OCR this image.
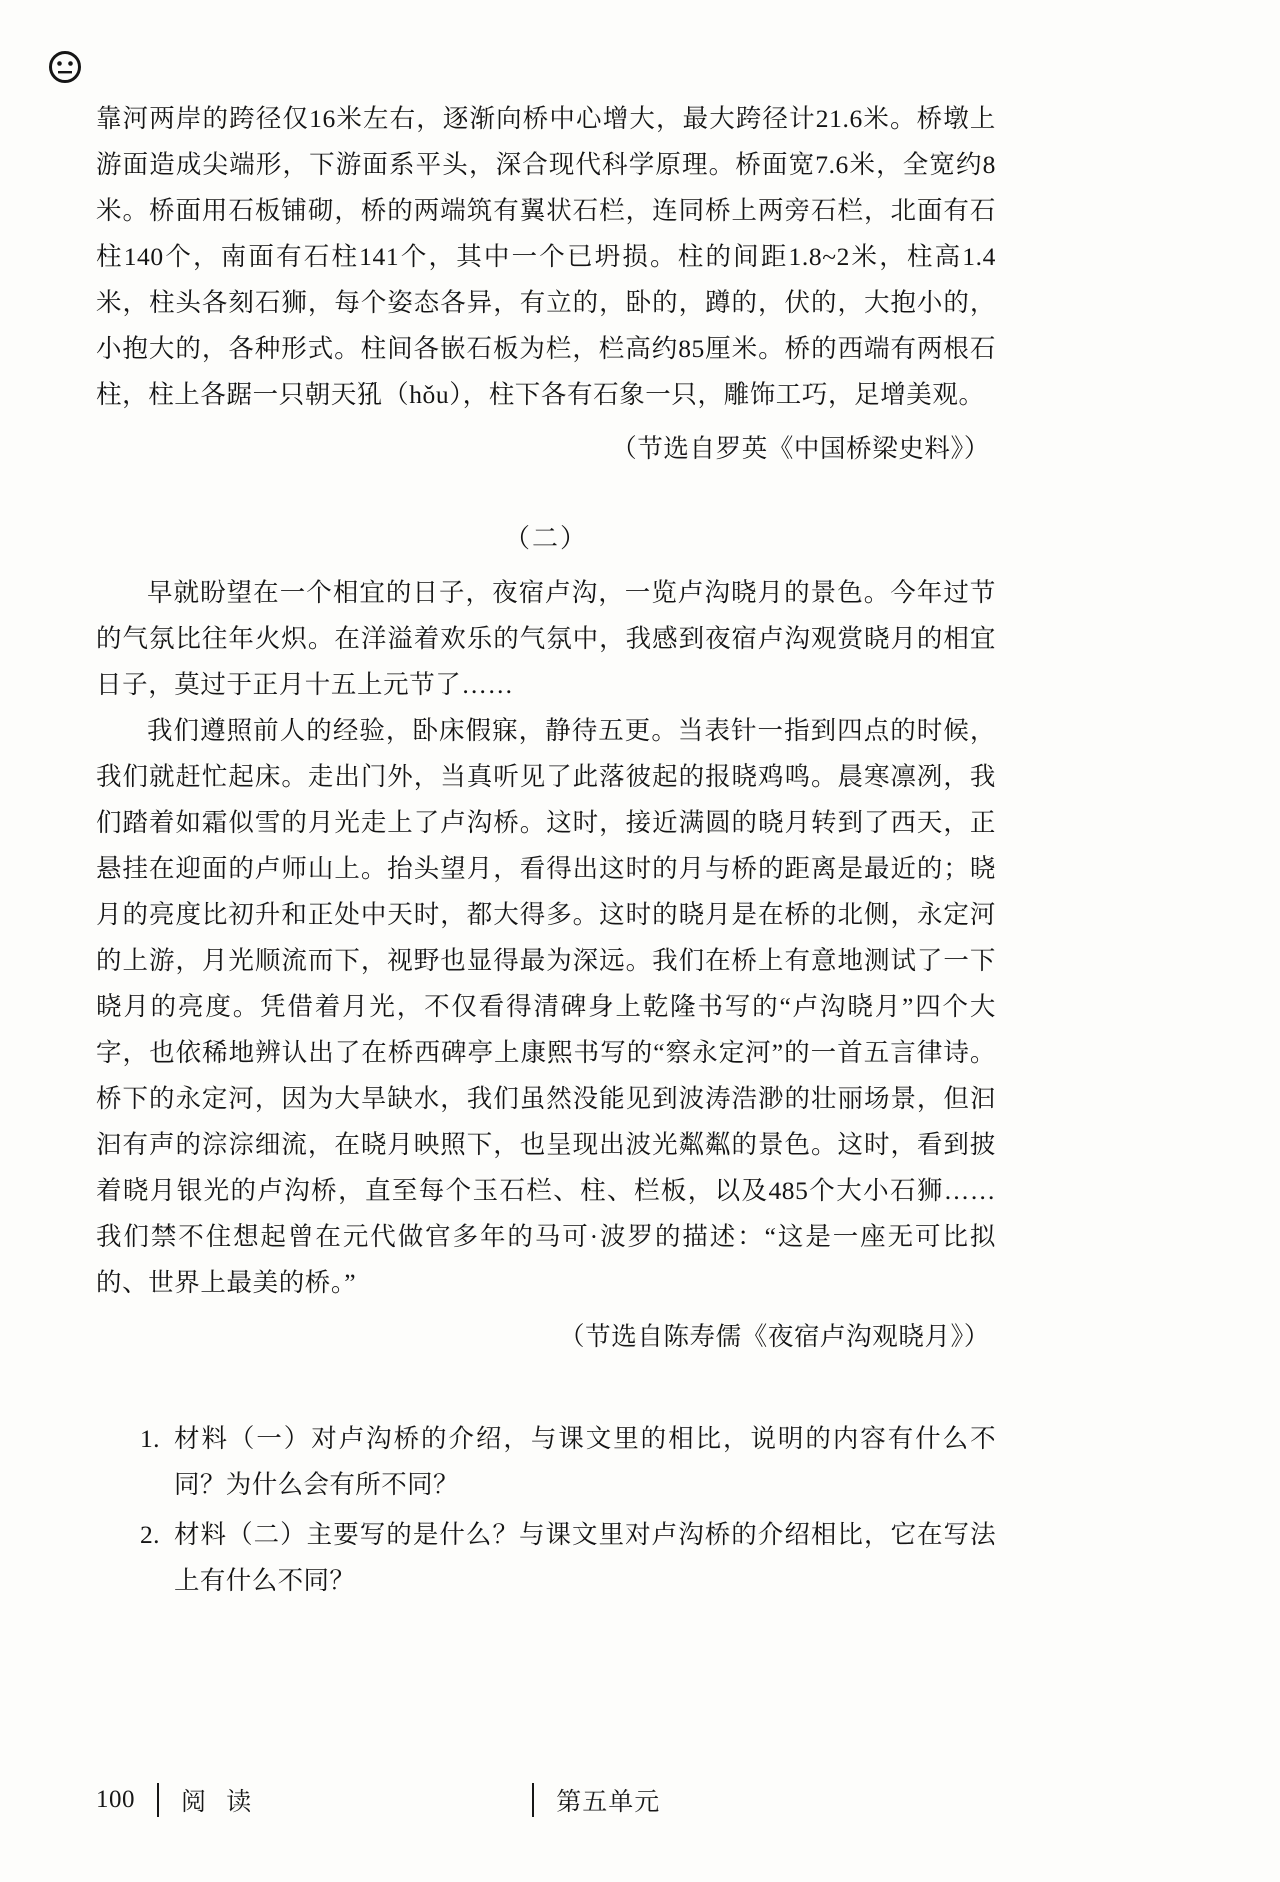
靠河两岸的跨径仅16米左右，逐渐向桥中心增大，最大跨径计21.6米。桥墩上游面造成尖端形，下游面系平头，深合现代科学原理。桥面宽7.6米，全宽约8米。桥面用石板铺砌，桥的两端筑有翼状石栏，连同桥上两旁石栏，北面有石柱140个，南面有石柱141个，其中一个已坍损。柱的间距1.8~2米，柱高1.4米，柱头各刻石狮，每个姿态各异，有立的，卧的，蹲的，伏的，大抱小的，小抱大的，各种形式。柱间各嵌石板为栏，栏高约85厘米。桥的西端有两根石柱，柱上各踞一只朝天犼（hǒu），柱下各有石象一只，雕饰工巧，足增美观。

（节选自罗英《中国桥梁史料》）

（二）

早就盼望在一个相宜的日子，夜宿卢沟，一览卢沟晓月的景色。今年过节的气氛比往年火炽。在洋溢着欢乐的气氛中，我感到夜宿卢沟观赏晓月的相宜日子，莫过于正月十五上元节了……

我们遵照前人的经验，卧床假寐，静待五更。当表针一指到四点的时候，我们就赶忙起床。走出门外，当真听见了此落彼起的报晓鸡鸣。晨寒凛冽，我们踏着如霜似雪的月光走上了卢沟桥。这时，接近满圆的晓月转到了西天，正悬挂在迎面的卢师山上。抬头望月，看得出这时的月与桥的距离是最近的；晓月的亮度比初升和正处中天时，都大得多。这时的晓月是在桥的北侧，永定河的上游，月光顺流而下，视野也显得最为深远。我们在桥上有意地测试了一下晓月的亮度。凭借着月光，不仅看得清碑身上乾隆书写的“卢沟晓月”四个大字，也依稀地辨认出了在桥西碑亭上康熙书写的“察永定河”的一首五言律诗。桥下的永定河，因为大旱缺水，我们虽然没能见到波涛浩渺的壮丽场景，但汩汩有声的淙淙细流，在晓月映照下，也呈现出波光粼粼的景色。这时，看到披着晓月银光的卢沟桥，直至每个玉石栏、柱、栏板，以及485个大小石狮……我们禁不住想起曾在元代做官多年的马可·波罗的描述：“这是一座无可比拟的、世界上最美的桥。”

（节选自陈寿儒《夜宿卢沟观晓月》）

1. 材料（一）对卢沟桥的介绍，与课文里的相比，说明的内容有什么不同？为什么会有所不同？
2. 材料（二）主要写的是什么？与课文里对卢沟桥的介绍相比，它在写法上有什么不同？
100 阅 读	第五单元
